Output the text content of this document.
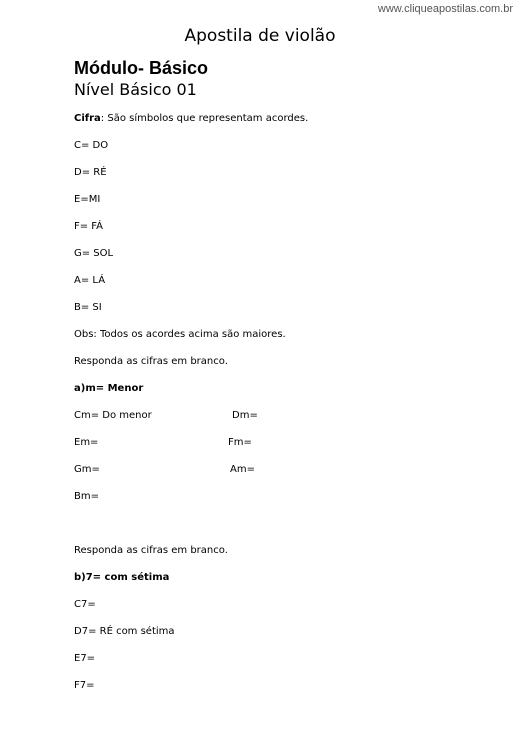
www.cliqueapostilas.com.br
Apostila de violão
Módulo- Básico
Nível Básico 01
Cifra: São símbolos que representam acordes.
C= DO
D= RÉ
E=MI
F= FÁ
G= SOL
A= LÁ
B= SI
Obs: Todos os acordes acima são maiores.
Responda as cifras em branco.
a)m= Menor
Cm= Do menor	Dm=
Em=	Fm=
Gm=	Am=
Bm=
Responda as cifras em branco.
b)7= com sétima
C7=
D7= RÉ com sétima
E7=
F7=
